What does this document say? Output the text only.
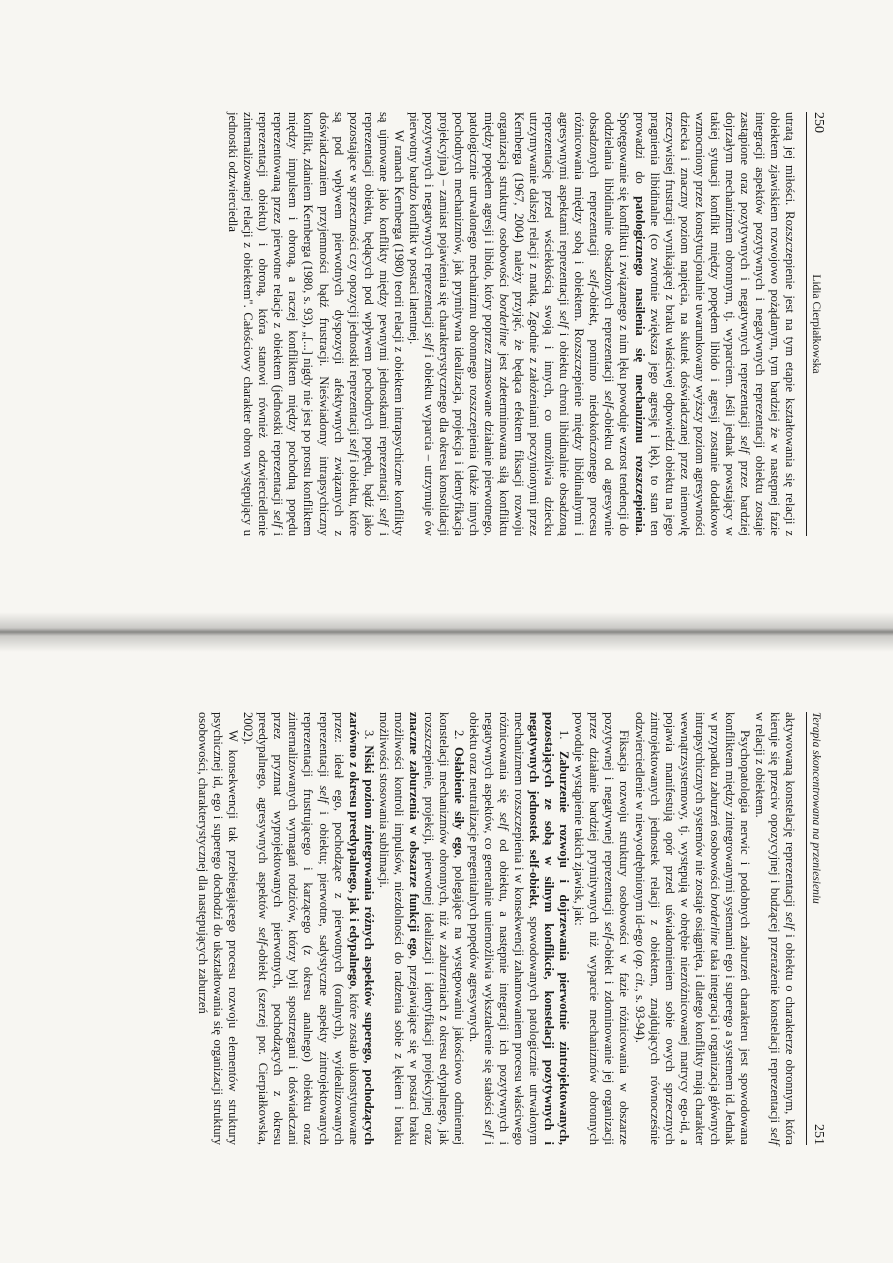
250
Lidia Cierpiałkowska

utratą jej miłości. Rozszczepienie jest na tym etapie kształtowania się relacji z obiektem zjawiskiem rozwojowo pożądanym, tym bardziej że w następnej fazie integracji aspektów pozytywnych i negatywnych reprezentacji obiektu zostaje zastąpione oraz pozytywnych i negatywnych reprezentacji self przez bardziej dojrzałym mechanizmem obronnym, tj. wyparciem. Jeśli jednak powstający w takiej sytuacji konflikt między popędem libido i agresji zostanie dodatkowo wzmocniony przez konstytucjonalnie uwarunkowany wyższy poziom agresywności dziecka i znaczny poziom napięcia, na skutek doświadczanej przez niemowlę rzeczywistej frustracji wynikającej z braku właściwej odpowiedzi obiektu na jego pragnienia libidinalne (co zwrotnie zwiększa jego agresję i lęk), to stan ten prowadzi do patologicznego nasilenia się mechanizmu rozszczepienia. Spotęgowanie się konfliktu i związanego z nim lęku powoduje wzrost tendencji do oddzielania libidinalnie obsadzonych reprezentacji self-obiektu od agresywnie obsadzonych reprezentacji self-obiekt, pomimo niedokończonego procesu różnicowania między sobą i obiektem. Rozszczepienie między libidinalnymi i agresywnymi aspektami reprezentacji self i obiektu chroni libidinalnie obsadzoną reprezentację przed wściekłością swoją i innych, co umożliwia dziecku utrzymywanie dalszej relacji z matką. Zgodnie z założeniami poczynionymi przez Kernberga (1967, 2004) należy przyjąć, że będąca efektem fiksacji rozwoju organizacja struktury osobowości borderline jest zdeterminowana siłą konfliktu między popędem agresji i libido, który poprzez zmasowane działanie pierwotnego, patologicznie utrwalonego mechanizmu obronnego rozszczepienia (także innych pochodnych mechanizmów, jak prymitywna idealizacja, projekcja i identyfikacja projekcyjna) – zamiast pojawienia się charakterystycznego dla okresu konsolidacji pozytywnych i negatywnych reprezentacji self i obiektu wyparcia – utrzymuje ów pierwotny bardzo konflikt w postaci latentnej.

W ramach Kernberga (1980) teorii relacji z obiektem intrapsychiczne konflikty są ujmowane jako konflikty między pewnymi jednostkami reprezentacji self i reprezentacji obiektu, będących pod wpływem pochodnych popędu, bądź jako pozostające w sprzeczności czy opozycji jednostki reprezentacji self i obiektu, które są pod wpływem pierwotnych dyspozycji afektywnych związanych z doświadczaniem przyjemności bądź frustracji. Nieświadomy intrapsychiczny konflikt, zdaniem Kernberga (1980, s. 93), „[...] nigdy nie jest po prostu konfliktem między impulsem i obroną, a raczej konfliktem między pochodną popędu reprezentowaną przez pierwotne relacje z obiektem (jednostki reprezentacji self i reprezentacji obiektu) i obroną, która stanowi również odzwierciedlenie zinternalizowanej relacji z obiektem". Całościowy charakter obron występujący u jednostki odzwierciedla

Terapia skoncentrowana na przeniesieniu
251

aktywowaną konstelację reprezentacji self i obiektu o charakterze obronnym, która kieruje się przeciw opozycyjnej i budzącej przerażenie konstelacji reprezentacji self w relacji z obiektem.

Psychopatologia nerwic i podobnych zaburzeń charakteru jest spowodowana konfliktem między zintegrowanymi systemami ego i superego a systemem id. Jednak w przypadku zaburzeń osobowości borderline taka integracja i organizacja głównych intrapsychicznych systemów nie zostaje osiągnięta, i dlatego konflikty mają charakter wewnątrzsystemowy, tj. występują w obrębie niezróżnicowanej matrycy ego-id, a pojawia manifestują opór przed uświadomieniem sobie owych sprzecznych zintrojektowanych jednostek relacji z obiektem, znajdujących równocześnie odzwierciedlenie w niewyodrębnionym id-ego (op. cit., s. 93-94).

Fiksacja rozwoju struktury osobowości w fazie różnicowania w obszarze pozytywnej i negatywnej reprezentacji self-obiekt i zdominowanie jej organizacji przez działanie bardziej prymitywnych niż wyparcie mechanizmów obronnych powoduje wystąpienie takich zjawisk, jak:

1. Zaburzenie rozwoju i dojrzewania pierwotnie zintrojektowanych, pozostających ze sobą w silnym konflikcie, konstelacji pozytywnych i negatywnych jednostek self-obiekt, spowodowanych patologicznie utrwalonym mechanizmem rozszczepienia i w konsekwencji zahamowaniem procesu właściwego różnicowania się self od obiektu, a następnie integracji ich pozytywnych i negatywnych aspektów, co generalnie uniemożliwia wykształcenie się stałości self i obiektu oraz neutralizacje pregenitalnych popędów agresywnych.

2. Osłabienie siły ego, polegające na występowaniu jakościowo odmiennej konstelacji mechanizmów obronnych, niż w zaburzeniach z okresu edypalnego, jak rozszczepienie, projekcji, pierwotnej idealizacji i identyfikacji projekcyjnej oraz znaczne zaburzenia w obszarze funkcji ego, przejawiające się w postaci braku możliwości kontroli impulsów, niezdolności do radzenia sobie z lękiem i braku możliwości stosowania sublimacji.

3. Niski poziom zintegrowania różnych aspektów superego, pochodzących zarówno z okresu preedypalnego, jak i edypalnego, które zostało ukonstytuowane przez: ideał ego, pochodzące z pierwotnych (oralnych), wyidealizowanych reprezentacji self i obiektu; pierwotne, sadystyczne aspekty zintrojektowanych reprezentacji frustrującego i karzącego (z okresu analnego) obiektu oraz zinternalizowanych wymagań rodziców, którzy byli spostrzegani i doświadczani przez pryzmat wyprojektowanych pierwotnych, pochodzących z okresu preedypalnego, agresywnych aspektów self-obiekt (szerzej por. Cierpiałkowska, 2002).

W konsekwencji tak przebiegającego procesu rozwoju elementów struktury psychicznej id, ego i superego dochodzi do ukształtowania się organizacji struktury osobowości, charakterystycznej dla następujących zaburzeń
